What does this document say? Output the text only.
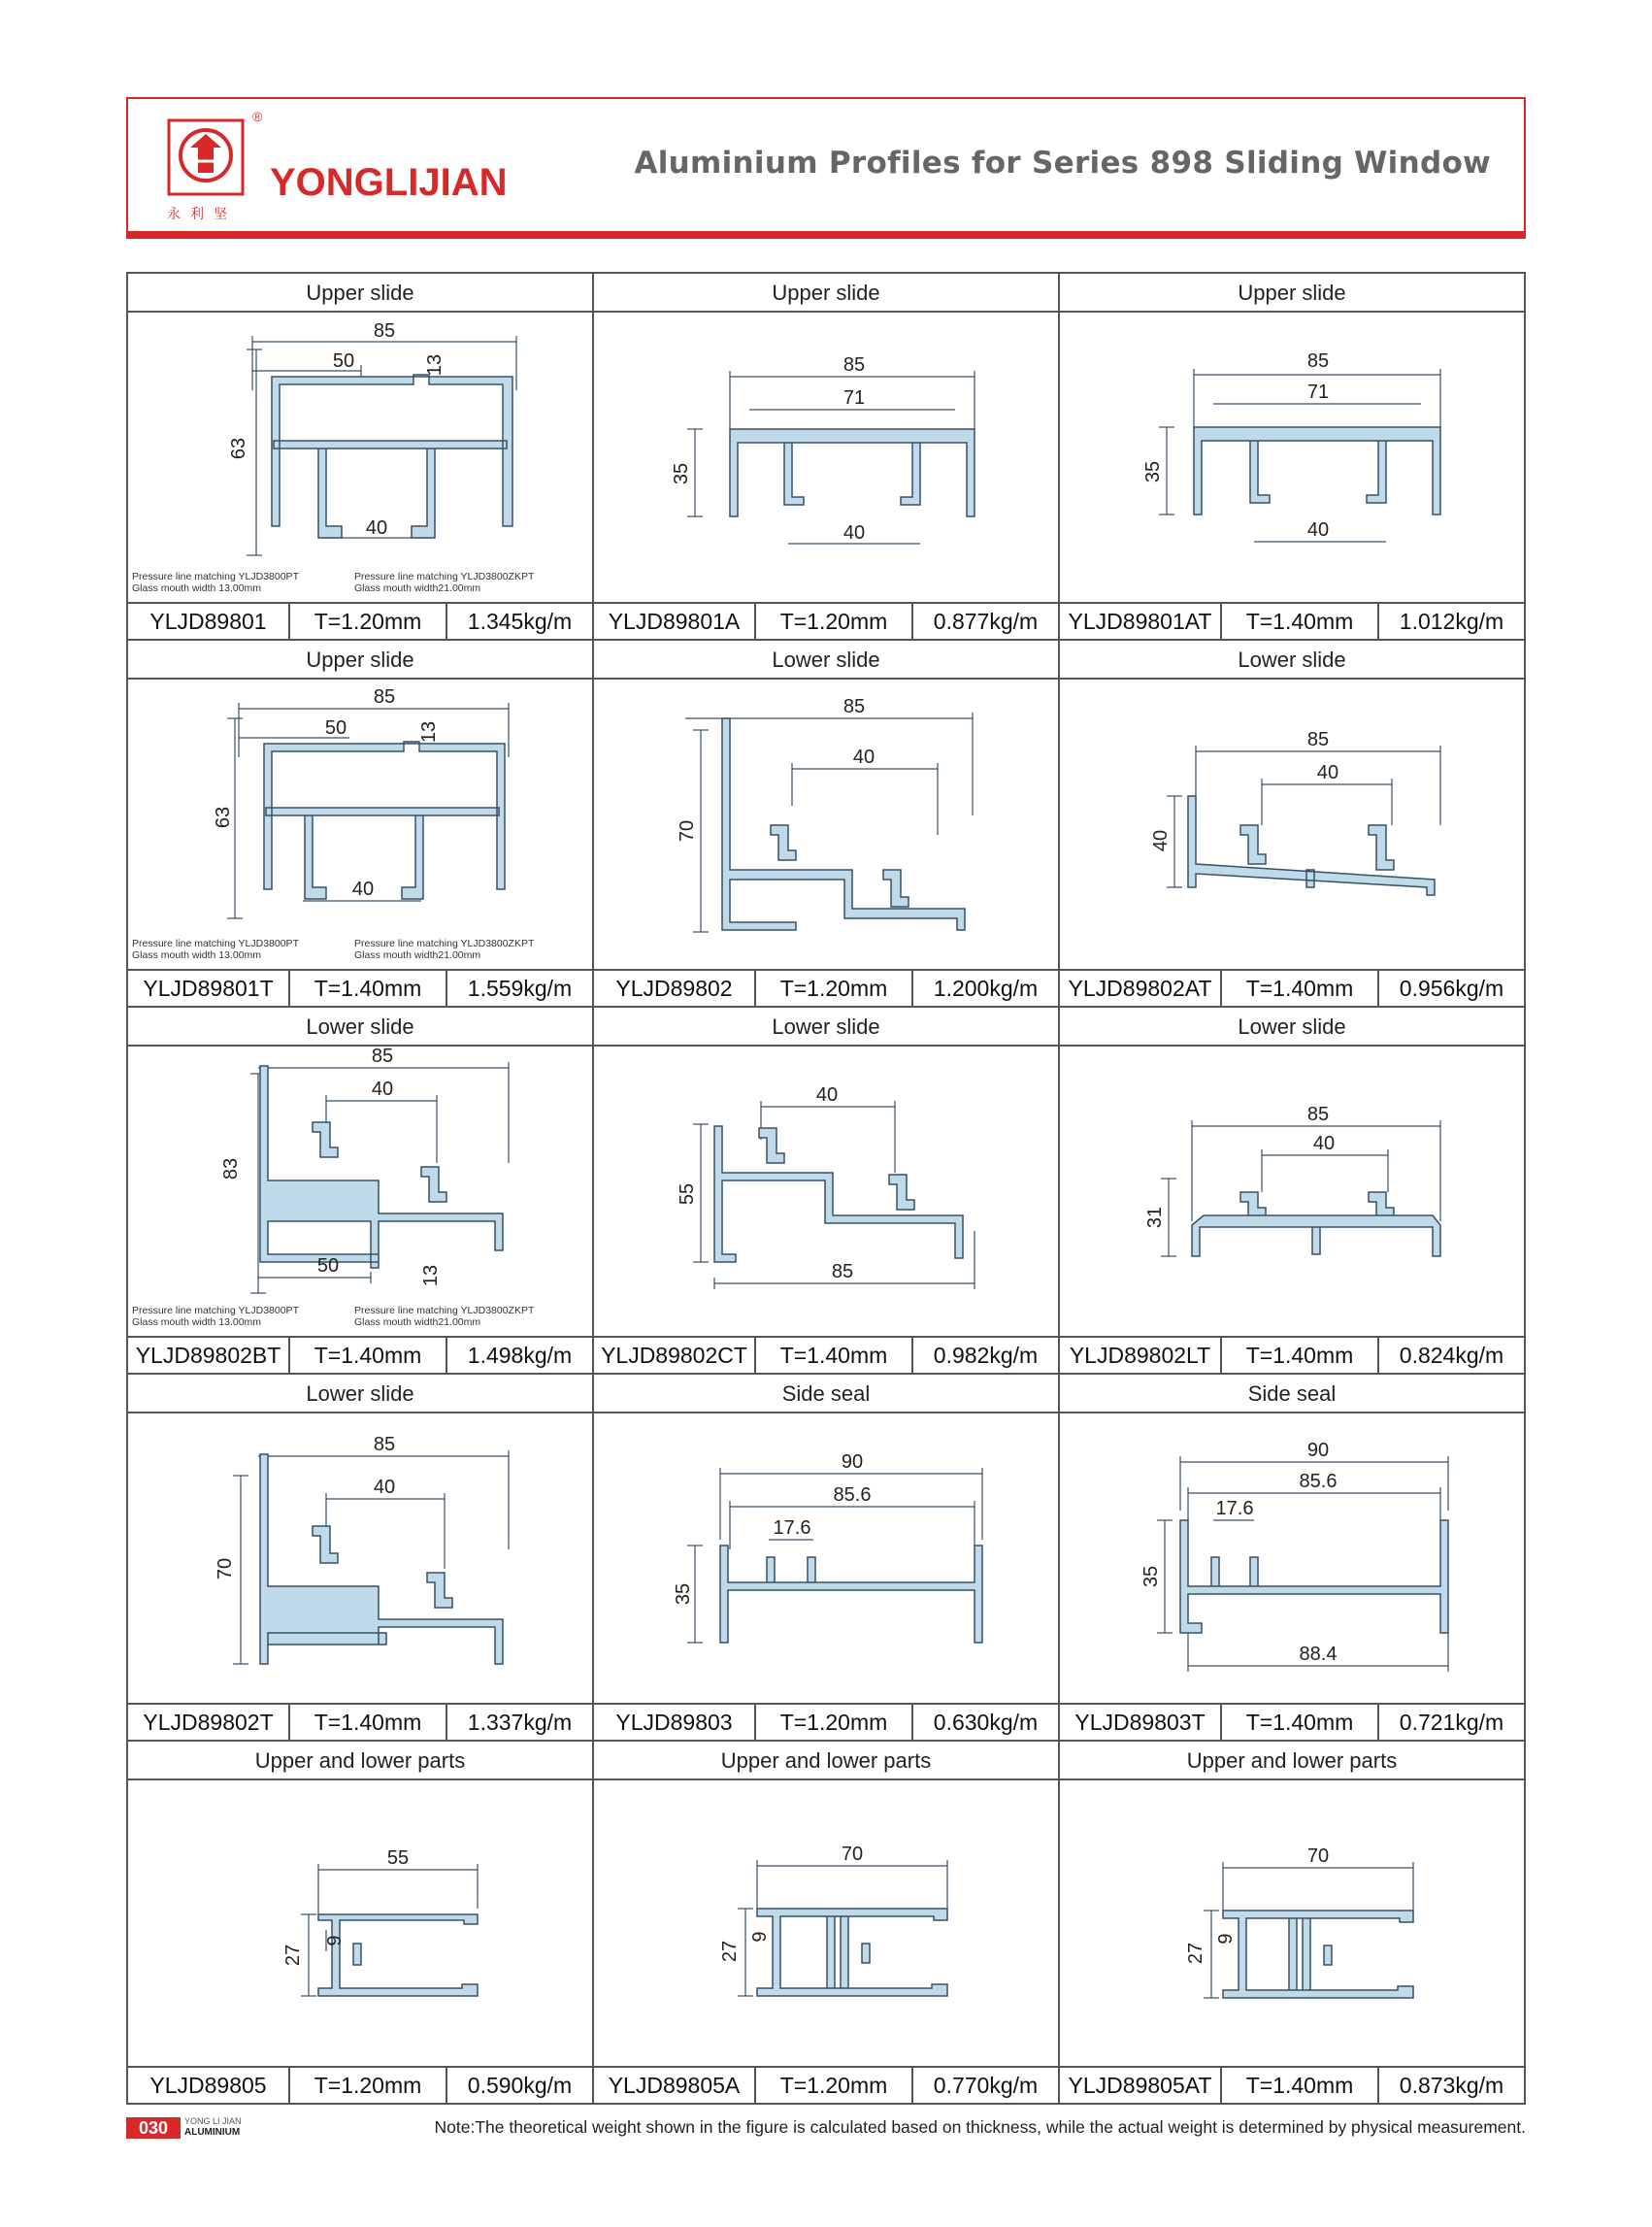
®
永利坚
YONGLIJIAN	Aluminium Profiles for Series 898 Sliding Window
Upper slide
85
50	13
63
40
Pressure line matching YLJD3800PT
Glass mouth width 13.00mm
Pressure line matching YLJD3800ZKPT
Glass mouth width21.00mm
YLJD89801	T=1.20mm	1.345kg/m
Upper slide
85
71
35
40
YLJD89801A	T=1.20mm	0.877kg/m
Upper slide
85
71
35
40
YLJD89801AT	T=1.40mm	1.012kg/m
Upper slide
85
50	13
63
40
Pressure line matching YLJD3800PT
Glass mouth width 13.00mm
Pressure line matching YLJD3800ZKPT
Glass mouth width21.00mm
YLJD89801T	T=1.40mm	1.559kg/m
Lower slide
85
40
70
YLJD89802	T=1.20mm	1.200kg/m
Lower slide
85
40
40
YLJD89802AT	T=1.40mm	0.956kg/m
Lower slide
85
40
83
50	13
Pressure line matching YLJD3800PT
Glass mouth width 13.00mm
Pressure line matching YLJD3800ZKPT
Glass mouth width21.00mm
YLJD89802BT	T=1.40mm	1.498kg/m
Lower slide
40
55
85
YLJD89802CT	T=1.40mm	0.982kg/m
Lower slide
85
40
31
YLJD89802LT	T=1.40mm	0.824kg/m
Lower slide
85
40
70
YLJD89802T	T=1.40mm	1.337kg/m
Side seal
90
85.6
17.6
35
YLJD89803	T=1.20mm	0.630kg/m
Side seal
90
85.6
17.6
35
88.4
YLJD89803T	T=1.40mm	0.721kg/m
Upper and lower parts
55
27
9
YLJD89805	T=1.20mm	0.590kg/m
Upper and lower parts
70
27
9
YLJD89805A	T=1.20mm	0.770kg/m
Upper and lower parts
70
27
9
YLJD89805AT	T=1.40mm	0.873kg/m
030	YONG LI JIAN
ALUMINIUM	Note:The theoretical weight shown in the figure is calculated based on thickness, while the actual weight is determined by physical measurement.
